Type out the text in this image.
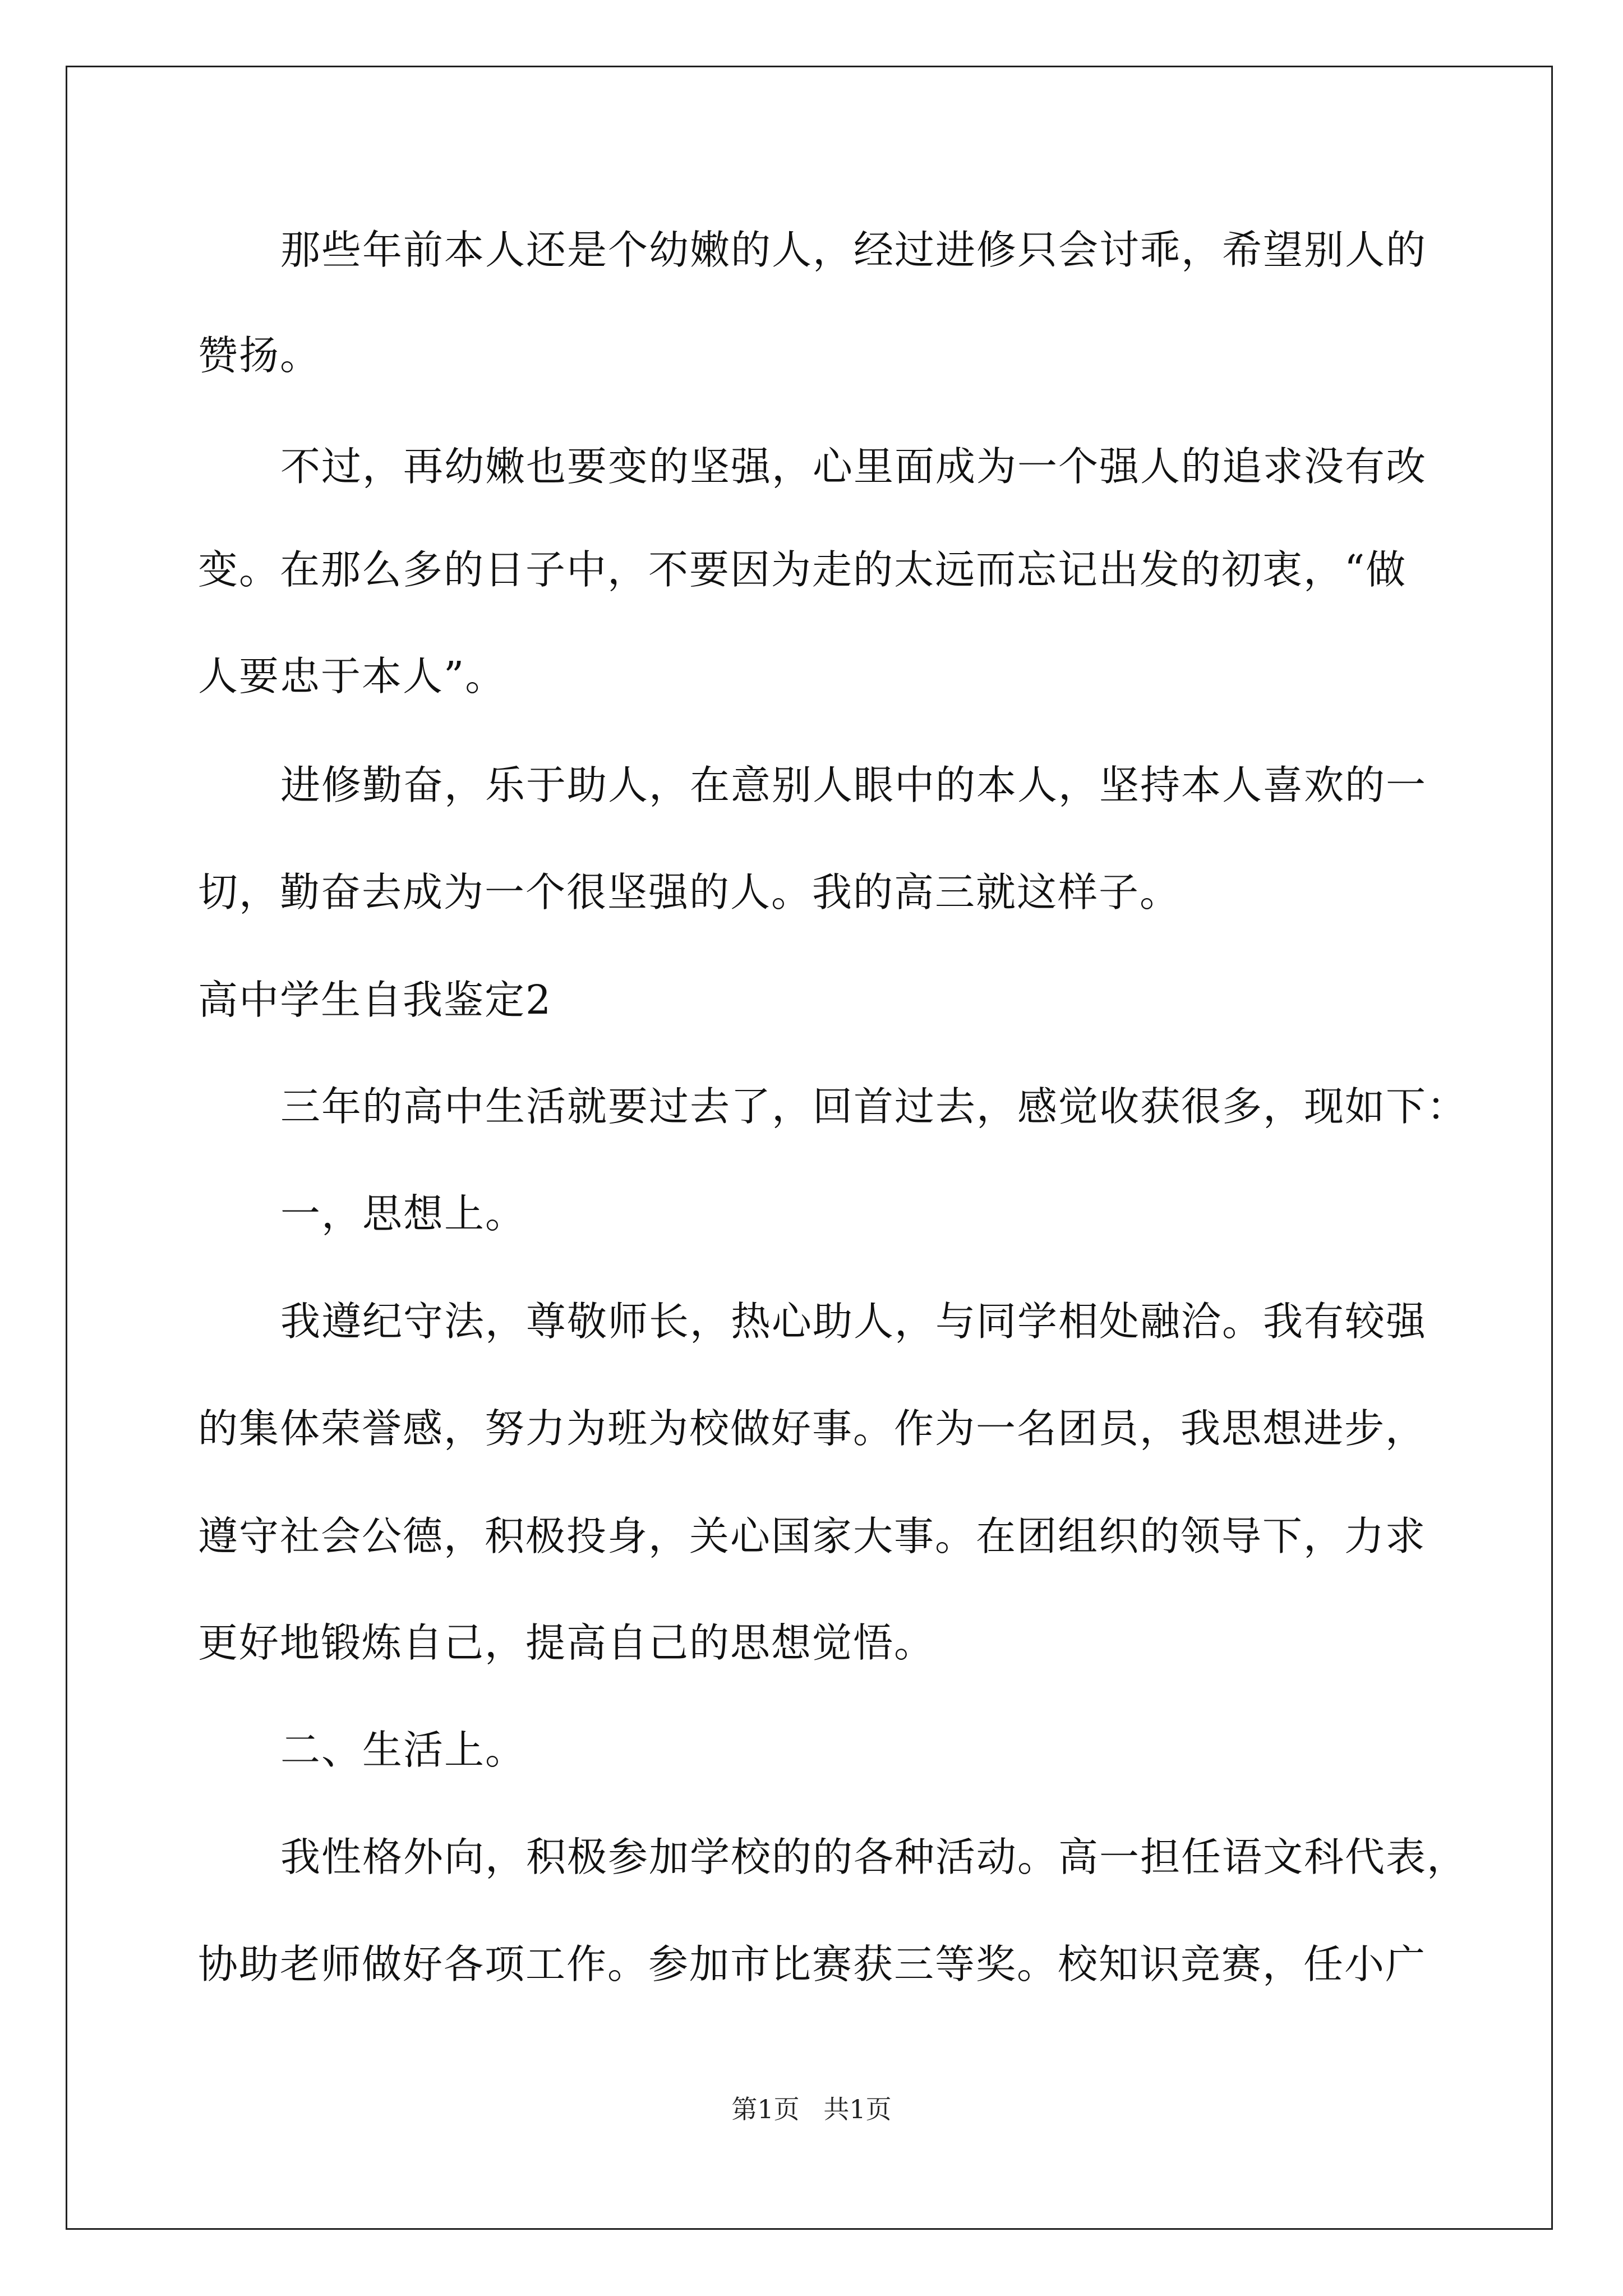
那些年前本人还是个幼嫩的人，经过进修只会讨乖，希望别人的

赞扬。

不过，再幼嫩也要变的坚强，心里面成为一个强人的追求没有改

变。在那么多的日子中，不要因为走的太远而忘记出发的初衷，“做

人要忠于本人”。

进修勤奋，乐于助人，在意别人眼中的本人，坚持本人喜欢的一

切，勤奋去成为一个很坚强的人。我的高三就这样子。

高中学生自我鉴定2

三年的高中生活就要过去了，回首过去，感觉收获很多，现如下：

一，思想上。

我遵纪守法，尊敬师长，热心助人，与同学相处融洽。我有较强

的集体荣誉感，努力为班为校做好事。作为一名团员，我思想进步，

遵守社会公德，积极投身，关心国家大事。在团组织的领导下，力求

更好地锻炼自己，提高自己的思想觉悟。

二、生活上。

我性格外向，积极参加学校的的各种活动。高一担任语文科代表，

协助老师做好各项工作。参加市比赛获三等奖。校知识竞赛，任小广

第1页 共1页
